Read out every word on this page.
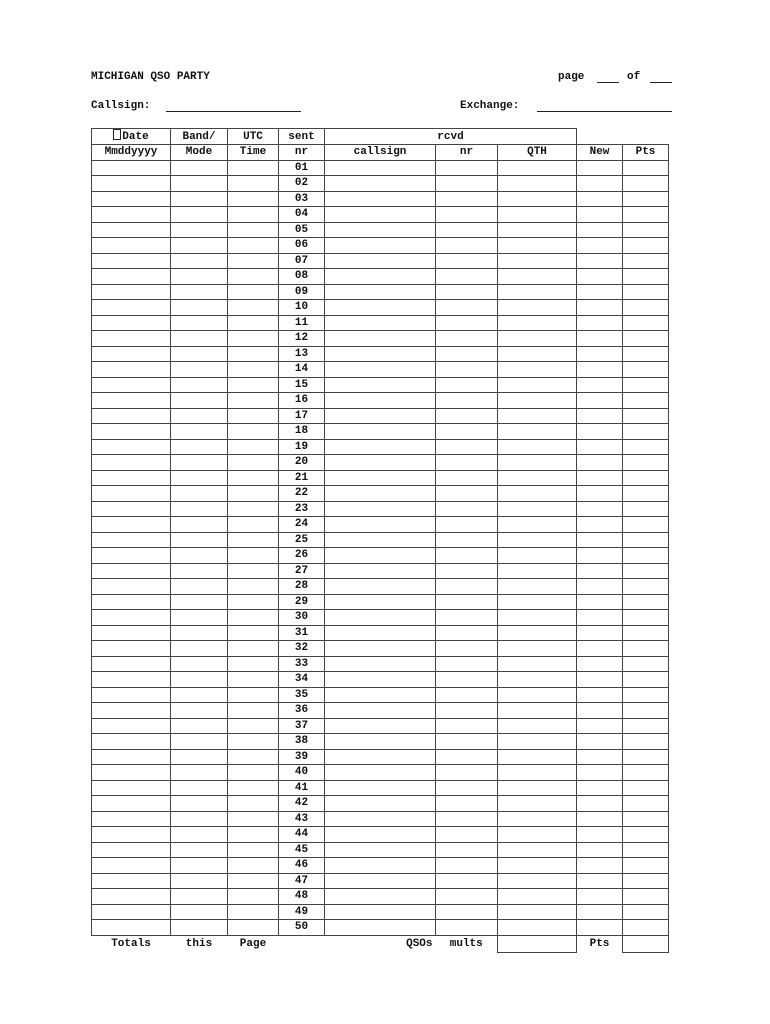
MICHIGAN QSO PARTY	page	of
Callsign:	Exchange:
Date	Band/	UTC	sent	rcvd				
Mmddyyyy	Mode	Time	nr	callsign	nr	QTH	New	Pts
			01					
			02					
			03					
			04					
			05					
			06					
			07					
			08					
			09					
			10					
			11					
			12					
			13					
			14					
			15					
			16					
			17					
			18					
			19					
			20					
			21					
			22					
			23					
			24					
			25					
			26					
			27					
			28					
			29					
			30					
			31					
			32					
			33					
			34					
			35					
			36					
			37					
			38					
			39					
			40					
			41					
			42					
			43					
			44					
			45					
			46					
			47					
			48					
			49					
			50					
Totals	this	Page		QSOs	mults		Pts	
